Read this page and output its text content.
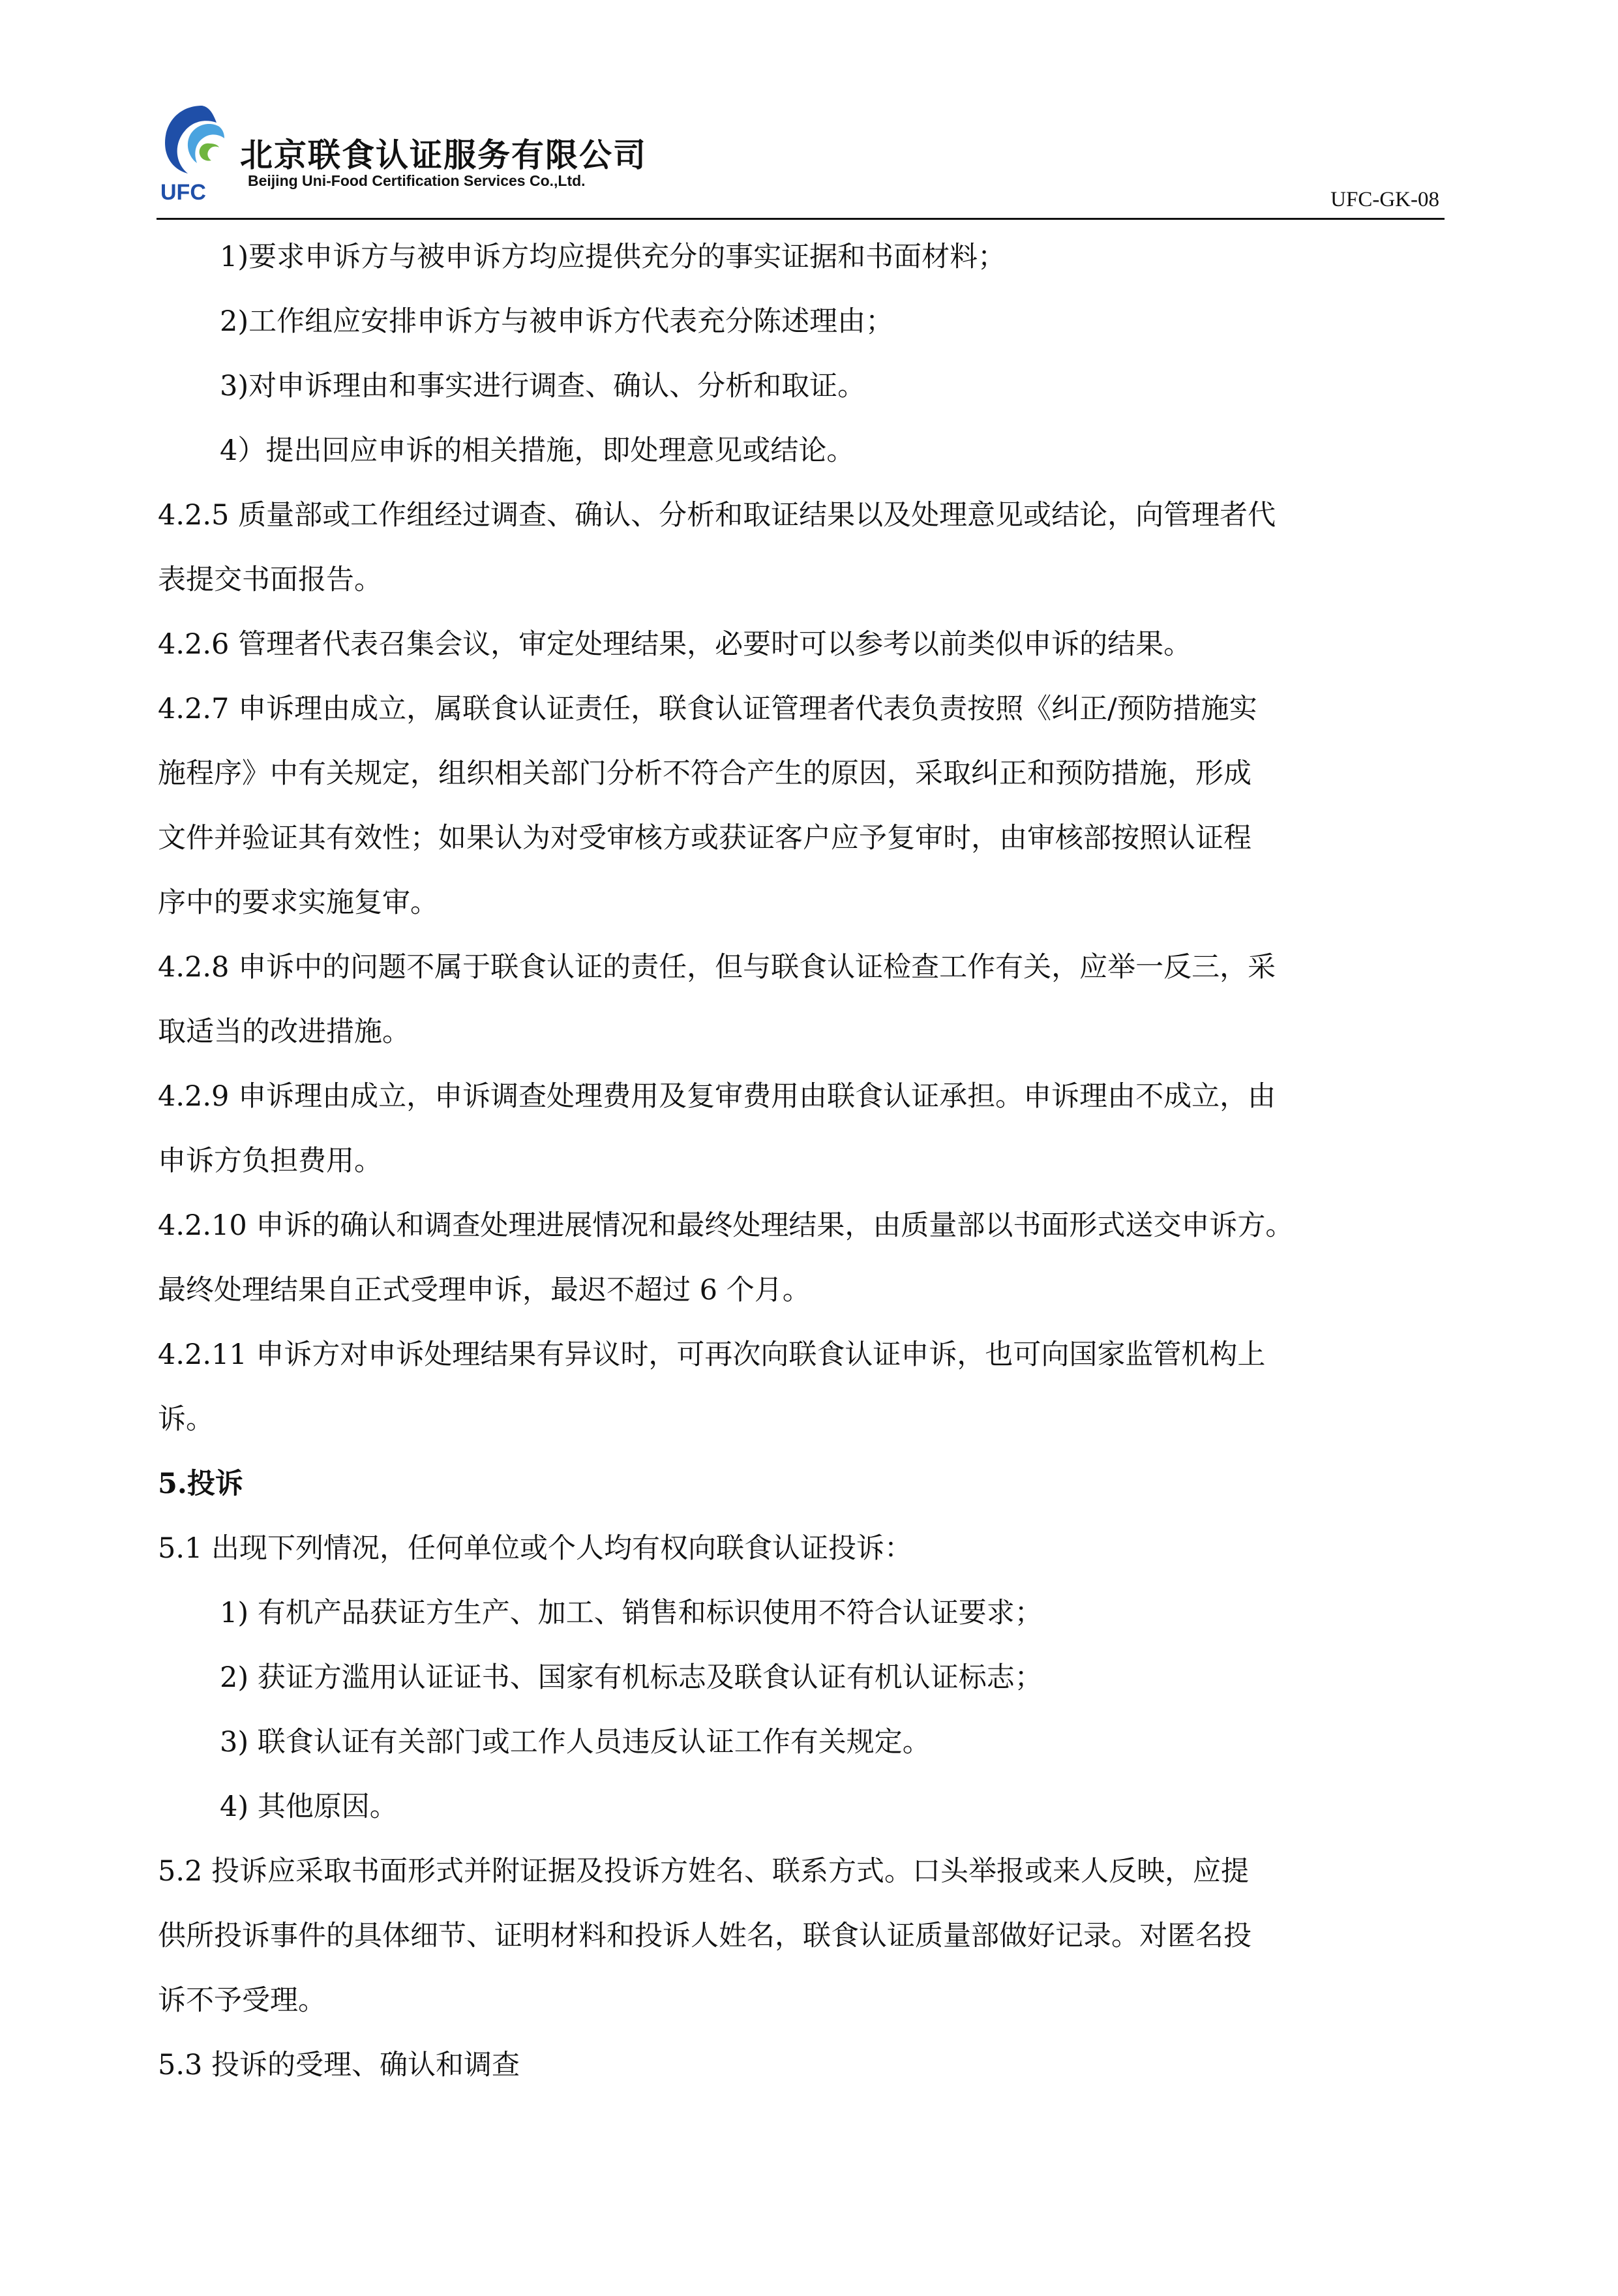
UFC
北京联食认证服务有限公司
Beijing Uni-Food Certification Services Co.,Ltd.
UFC-GK-08
1)要求申诉方与被申诉方均应提供充分的事实证据和书面材料；
2)工作组应安排申诉方与被申诉方代表充分陈述理由；
3)对申诉理由和事实进行调查、确认、分析和取证。
4）提出回应申诉的相关措施，即处理意见或结论。
4.2.5 质量部或工作组经过调查、确认、分析和取证结果以及处理意见或结论，向管理者代
表提交书面报告。
4.2.6 管理者代表召集会议，审定处理结果，必要时可以参考以前类似申诉的结果。
4.2.7 申诉理由成立，属联食认证责任，联食认证管理者代表负责按照《纠正/预防措施实
施程序》中有关规定，组织相关部门分析不符合产生的原因，采取纠正和预防措施，形成
文件并验证其有效性；如果认为对受审核方或获证客户应予复审时，由审核部按照认证程
序中的要求实施复审。
4.2.8 申诉中的问题不属于联食认证的责任，但与联食认证检查工作有关，应举一反三，采
取适当的改进措施。
4.2.9 申诉理由成立，申诉调查处理费用及复审费用由联食认证承担。申诉理由不成立，由
申诉方负担费用。
4.2.10 申诉的确认和调查处理进展情况和最终处理结果，由质量部以书面形式送交申诉方。
最终处理结果自正式受理申诉，最迟不超过 6 个月。
4.2.11 申诉方对申诉处理结果有异议时，可再次向联食认证申诉，也可向国家监管机构上
诉。
5.投诉
5.1 出现下列情况，任何单位或个人均有权向联食认证投诉：
1) 有机产品获证方生产、加工、销售和标识使用不符合认证要求；
2) 获证方滥用认证证书、国家有机标志及联食认证有机认证标志；
3) 联食认证有关部门或工作人员违反认证工作有关规定。
4) 其他原因。
5.2 投诉应采取书面形式并附证据及投诉方姓名、联系方式。口头举报或来人反映，应提
供所投诉事件的具体细节、证明材料和投诉人姓名，联食认证质量部做好记录。对匿名投
诉不予受理。
5.3 投诉的受理、确认和调查
